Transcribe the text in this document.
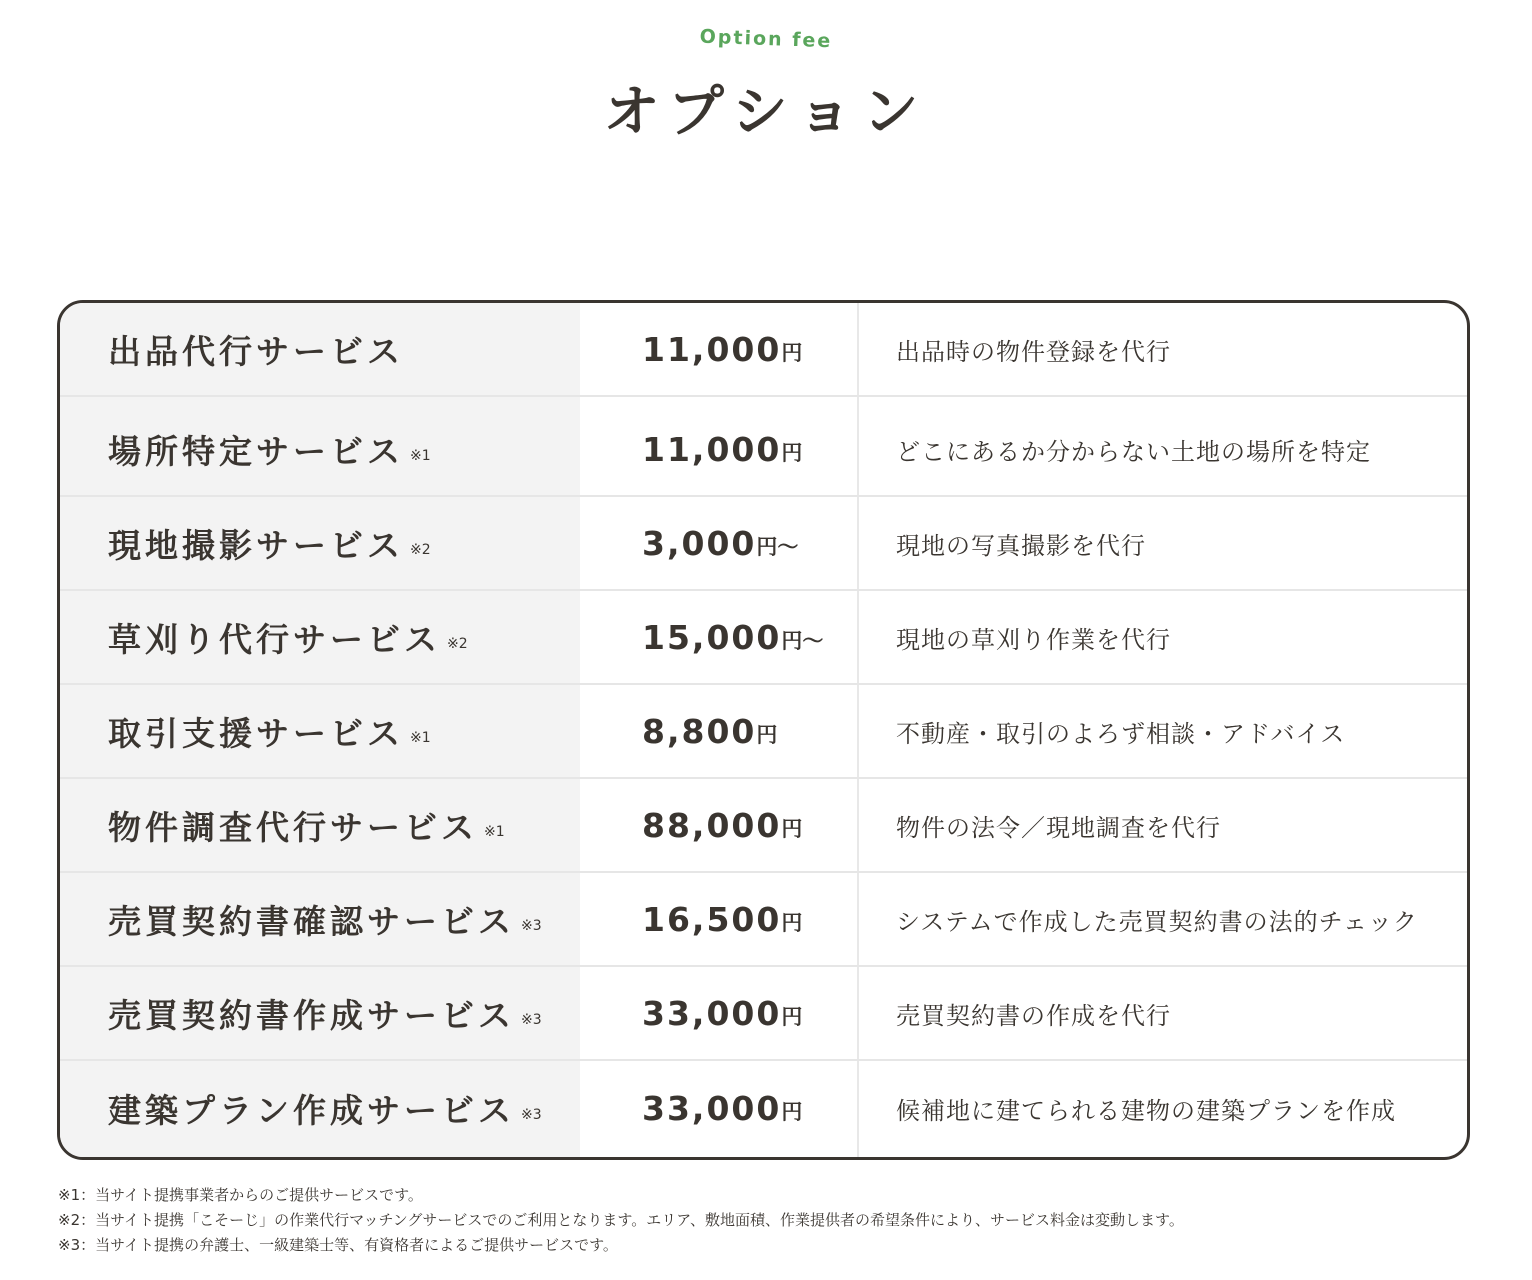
Option fee
オプション
出品代行サービス	11,000 円	出品時の物件登録を代行
場所特定サービス ※1	11,000 円	どこにあるか分からない土地の場所を特定
現地撮影サービス ※2	3,000 円〜	現地の写真撮影を代行
草刈り代行サービス ※2	15,000 円〜	現地の草刈り作業を代行
取引支援サービス ※1	8,800 円	不動産・取引のよろず相談・アドバイス
物件調査代行サービス ※1	88,000 円	物件の法令／現地調査を代行
売買契約書確認サービス ※3	16,500 円	システムで作成した売買契約書の法的チェック
売買契約書作成サービス ※3	33,000 円	売買契約書の作成を代行
建築プラン作成サービス ※3	33,000 円	候補地に建てられる建物の建築プランを作成
※1：当サイト提携事業者からのご提供サービスです。
※2：当サイト提携「こそーじ」の作業代行マッチングサービスでのご利用となります。エリア、敷地面積、作業提供者の希望条件により、サービス料金は変動します。
※3：当サイト提携の弁護士、一級建築士等、有資格者によるご提供サービスです。
